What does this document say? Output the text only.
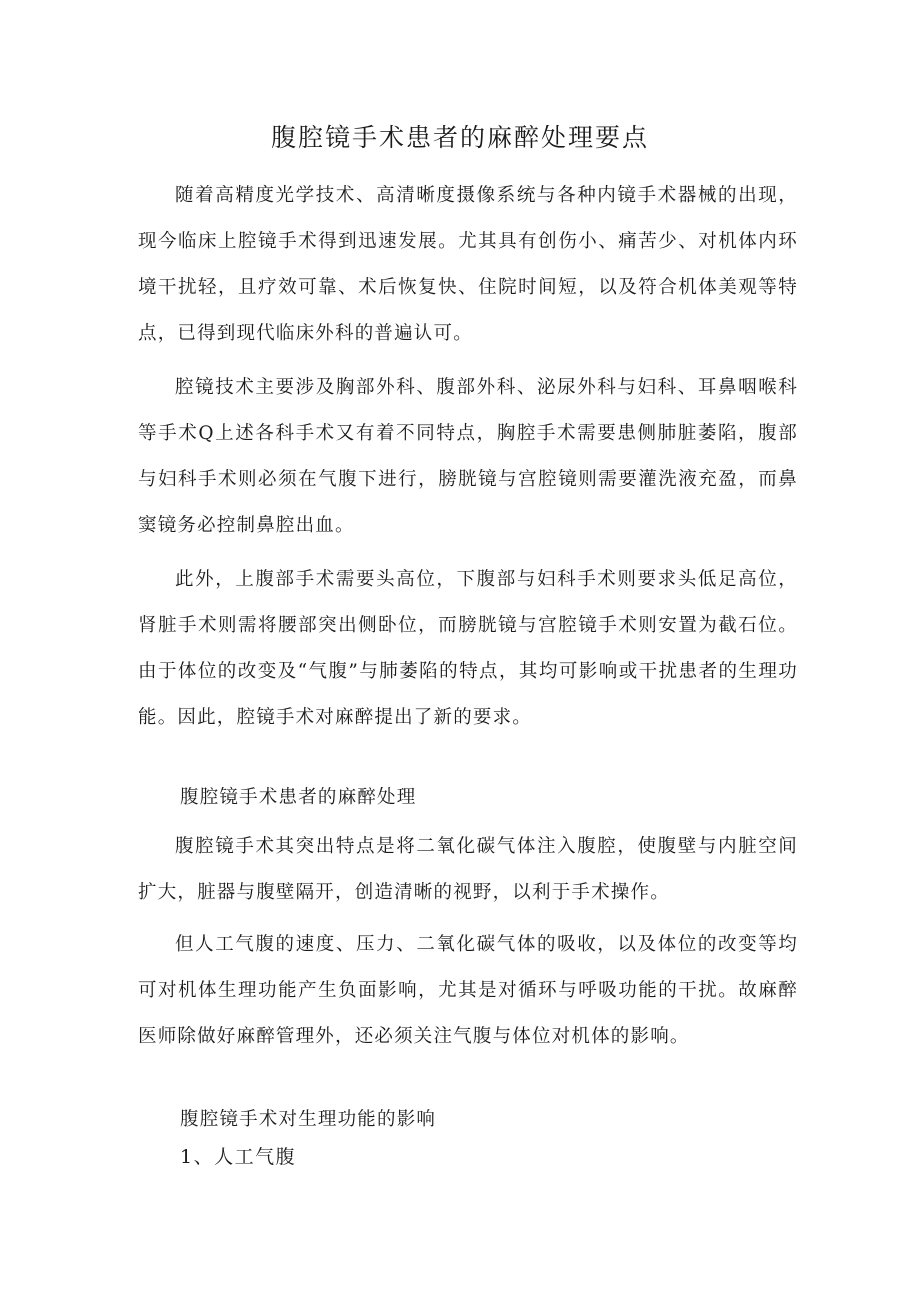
腹腔镜手术患者的麻醉处理要点

随着高精度光学技术、高清晰度摄像系统与各种内镜手术器械的出现，现今临床上腔镜手术得到迅速发展。尤其具有创伤小、痛苦少、对机体内环境干扰轻，且疗效可靠、术后恢复快、住院时间短，以及符合机体美观等特点，已得到现代临床外科的普遍认可。

腔镜技术主要涉及胸部外科、腹部外科、泌尿外科与妇科、耳鼻咽喉科等手术Q上述各科手术又有着不同特点，胸腔手术需要患侧肺脏萎陷，腹部与妇科手术则必须在气腹下进行，膀胱镜与宫腔镜则需要灌洗液充盈，而鼻窦镜务必控制鼻腔出血。

此外，上腹部手术需要头高位，下腹部与妇科手术则要求头低足高位，肾脏手术则需将腰部突出侧卧位，而膀胱镜与宫腔镜手术则安置为截石位。由于体位的改变及“气腹”与肺萎陷的特点，其均可影响或干扰患者的生理功能。因此，腔镜手术对麻醉提出了新的要求。

腹腔镜手术患者的麻醉处理

腹腔镜手术其突出特点是将二氧化碳气体注入腹腔，使腹壁与内脏空间扩大，脏器与腹壁隔开，创造清晰的视野，以利于手术操作。

但人工气腹的速度、压力、二氧化碳气体的吸收，以及体位的改变等均可对机体生理功能产生负面影响，尤其是对循环与呼吸功能的干扰。故麻醉医师除做好麻醉管理外，还必须关注气腹与体位对机体的影响。

腹腔镜手术对生理功能的影响
1、人工气腹
